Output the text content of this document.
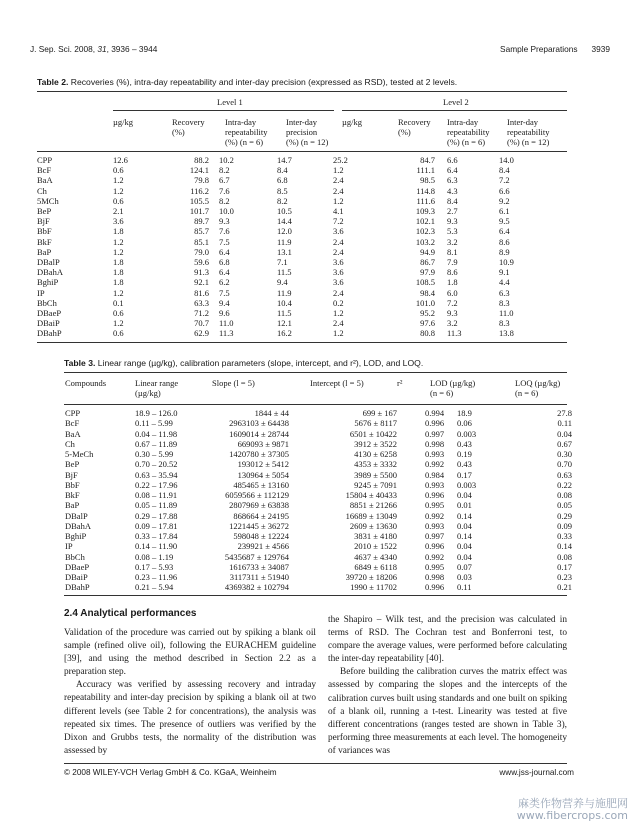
J. Sep. Sci. 2008, 31, 3936 – 3944	Sample Preparations 3939
Table 2. Recoveries (%), intra-day repeatability and inter-day precision (expressed as RSD), tested at 2 levels.
Level 1	Level 2
µg/kg	Recovery
(%)
Intra-day
repeatability
(%) (n = 6)
Inter-day
precision
(%) (n = 12)
µg/kg	Recovery
(%)
Intra-day
repeatability
(%) (n = 6)
Inter-day
repeatability
(%) (n = 12)
CPP	12.6	88.2	10.2	14.7	25.2	84.7	6.6	14.0
BcF	0.6	124.1	8.2	8.4	1.2	111.1	6.4	8.4
BaA	1.2	79.8	6.7	6.8	2.4	98.5	6.3	7.2
Ch	1.2	116.2	7.6	8.5	2.4	114.8	4.3	6.6
5MCh	0.6	105.5	8.2	8.2	1.2	111.6	8.4	9.2
BeP	2.1	101.7	10.0	10.5	4.1	109.3	2.7	6.1
BjF	3.6	89.7	9.3	14.4	7.2	102.1	9.3	9.5
BbF	1.8	85.7	7.6	12.0	3.6	102.3	5.3	6.4
BkF	1.2	85.1	7.5	11.9	2.4	103.2	3.2	8.6
BaP	1.2	79.0	6.4	13.1	2.4	94.9	8.1	8.9
DBalP	1.8	59.6	6.8	7.1	3.6	86.7	7.9	10.9
DBahA	1.8	91.3	6.4	11.5	3.6	97.9	8.6	9.1
BghiP	1.8	92.1	6.2	9.4	3.6	108.5	1.8	4.4
IP	1.2	81.6	7.5	11.9	2.4	98.4	6.0	6.3
BbCh	0.1	63.3	9.4	10.4	0.2	101.0	7.2	8.3
DBaeP	0.6	71.2	9.6	11.5	1.2	95.2	9.3	11.0
DBaiP	1.2	70.7	11.0	12.1	2.4	97.6	3.2	8.3
DBahP	0.6	62.9	11.3	16.2	1.2	80.8	11.3	13.8
Table 3. Linear range (µg/kg), calibration parameters (slope, intercept, and r²), LOD, and LOQ.
Compounds	Linear range
(µg/kg)
Slope (l = 5)	Intercept (l = 5)	r²	LOD (µg/kg)
(n = 6)
LOQ (µg/kg)
(n = 6)
CPP	18.9 – 126.0	1844 ± 44	699 ± 167	0.994	18.9	27.8
BcF	0.11 – 5.99	2963103 ± 64438	5676 ± 8117	0.996	0.06	0.11
BaA	0.04 – 11.98	1609014 ± 28744	6501 ± 10422	0.997	0.003	0.04
Ch	0.67 – 11.89	669093 ± 9871	3912 ± 3522	0.998	0.43	0.67
5-MeCh	0.30 – 5.99	1420780 ± 37305	4130 ± 6258	0.993	0.19	0.30
BeP	0.70 – 20.52	193012 ± 5412	4353 ± 3332	0.992	0.43	0.70
BjF	0.63 – 35.94	130964 ± 5054	3989 ± 5500	0.984	0.17	0.63
BbF	0.22 – 17.96	485465 ± 13160	9245 ± 7091	0.993	0.003	0.22
BkF	0.08 – 11.91	6059566 ± 112129	15804 ± 40433	0.996	0.04	0.08
BaP	0.05 – 11.89	2807969 ± 63838	8851 ± 21266	0.995	0.01	0.05
DBalP	0.29 – 17.88	868664 ± 24195	16689 ± 13049	0.992	0.14	0.29
DBahA	0.09 – 17.81	1221445 ± 36272	2609 ± 13630	0.993	0.04	0.09
BghiP	0.33 – 17.84	598048 ± 12224	3831 ± 4180	0.997	0.14	0.33
IP	0.14 – 11.90	239921 ± 4566	2010 ± 1522	0.996	0.04	0.14
BbCh	0.08 – 1.19	5435687 ± 129764	4637 ± 4340	0.992	0.04	0.08
DBaeP	0.17 – 5.93	1616733 ± 34087	6849 ± 6118	0.995	0.07	0.17
DBaiP	0.23 – 11.96	3117311 ± 51940	39720 ± 18206	0.998	0.03	0.23
DBahP	0.21 – 5.94	4369382 ± 102794	1990 ± 11702	0.996	0.11	0.21
2.4 Analytical performances

Validation of the procedure was carried out by spiking a blank oil sample (refined olive oil), following the EURACHEM guideline [39], and using the method described in Section 2.2 as a preparation step.

Accuracy was verified by assessing recovery and intraday repeatability and inter-day precision by spiking a blank oil at two different levels (see Table 2 for concentrations), the analysis was repeated six times. The presence of outliers was verified by the Dixon and Grubbs tests, the normality of the distribution was assessed by

the Shapiro – Wilk test, and the precision was calculated in terms of RSD. The Cochran test and Bonferroni test, to compare the average values, were performed before calculating the inter-day repeatability [40].

Before building the calibration curves the matrix effect was assessed by comparing the slopes and the intercepts of the calibration curves built using standards and one built on spiking of a blank oil, running a t-test. Linearity was tested at five different concentrations (ranges tested are shown in Table 3), performing three measurements at each level. The homogeneity of variances was

© 2008 WILEY-VCH Verlag GmbH & Co. KGaA, Weinheim	www.jss-journal.com
麻类作物营养与施肥网
www.fibercrops.com
